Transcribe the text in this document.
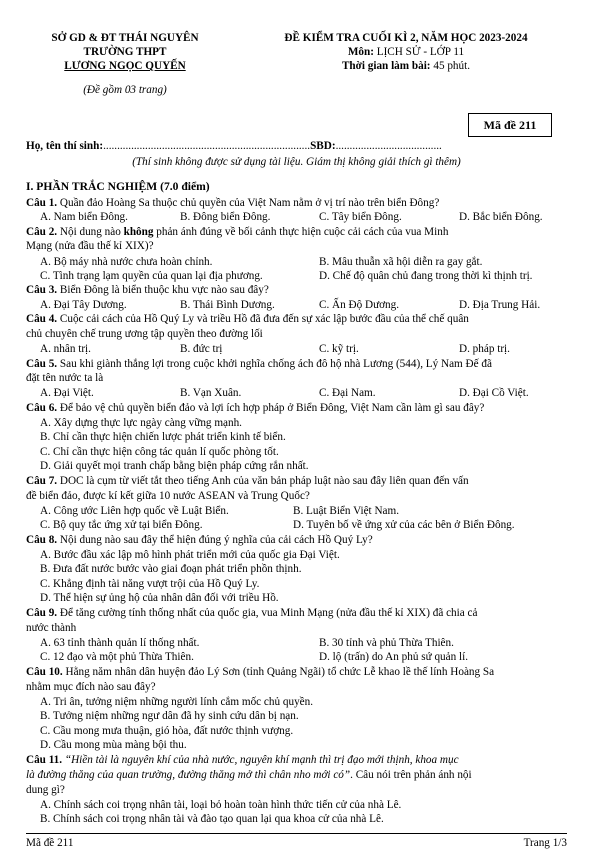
SỞ GD & ĐT THÁI NGUYÊN
TRƯỜNG THPT
LƯƠNG NGỌC QUYẾN
(Đề gồm 03 trang)
ĐỀ KIỂM TRA CUỐI KÌ 2, NĂM HỌC 2023-2024
Môn: LỊCH SỬ - LỚP 11
Thời gian làm bài: 45 phút.
Mã đề 211
Họ, tên thí sinh:..........................................................................SBD:......................................
(Thí sinh không được sử dụng tài liệu. Giám thị không giải thích gì thêm)
I. PHẦN TRẮC NGHIỆM (7.0 điểm)
Câu 1. Quần đảo Hoàng Sa thuộc chủ quyền của Việt Nam nằm ở vị trí nào trên biển Đông?
A. Nam biển Đông.	B. Đông biển Đông.	C. Tây biển Đông.	D. Bắc biển Đông.
Câu 2. Nội dung nào không phản ánh đúng về bối cảnh thực hiện cuộc cải cách của vua Minh
Mạng (nửa đầu thế kỉ XIX)?
A. Bộ máy nhà nước chưa hoàn chỉnh.	B. Mâu thuẫn xã hội diễn ra gay gắt.
C. Tình trạng lạm quyền của quan lại địa phương.	D. Chế độ quân chủ đang trong thời kì thịnh trị.
Câu 3. Biển Đông là biển thuộc khu vực nào sau đây?
A. Đại Tây Dương.	B. Thái Bình Dương.	C. Ấn Độ Dương.	D. Địa Trung Hải.
Câu 4. Cuộc cải cách của Hồ Quý Ly và triều Hồ đã đưa đến sự xác lập bước đầu của thể chế quân
chủ chuyên chế trung ương tập quyền theo đường lối
A. nhân trị.	B. đức trị	C. kỹ trị.	D. pháp trị.
Câu 5. Sau khi giành thắng lợi trong cuộc khởi nghĩa chống ách đô hộ nhà Lương (544), Lý Nam Đế đã
đặt tên nước ta là
A. Đại Việt.	B. Vạn Xuân.	C. Đại Nam.	D. Đại Cồ Việt.
Câu 6. Để bảo vệ chủ quyền biển đảo và lợi ích hợp pháp ở Biển Đông, Việt Nam cần làm gì sau đây?
A. Xây dựng thực lực ngày càng vững mạnh.
B. Chỉ cần thực hiện chiến lược phát triển kinh tế biển.
C. Chỉ cần thực hiện công tác quản lí quốc phòng tốt.
D. Giải quyết mọi tranh chấp bằng biện pháp cứng rắn nhất.
Câu 7. DOC là cụm từ viết tắt theo tiếng Anh của văn bản pháp luật nào sau đây liên quan đến vấn
đề biển đảo, được kí kết giữa 10 nước ASEAN và Trung Quốc?
A. Công ước Liên hợp quốc về Luật Biển.	B. Luật Biển Việt Nam.
C. Bộ quy tắc ứng xử tại biển Đông.	D. Tuyên bố về ứng xử của các bên ở Biển Đông.
Câu 8. Nội dung nào sau đây thể hiện đúng ý nghĩa của cải cách Hồ Quý Ly?
A. Bước đầu xác lập mô hình phát triển mới của quốc gia Đại Việt.
B. Đưa đất nước bước vào giai đoạn phát triển phồn thịnh.
C. Khẳng định tài năng vượt trội của Hồ Quý Ly.
D. Thể hiện sự ủng hộ của nhân dân đối với triều Hồ.
Câu 9. Để tăng cường tính thống nhất của quốc gia, vua Minh Mạng (nửa đầu thế kỉ XIX) đã chia cả
nước thành
A. 63 tỉnh thành quản lí thống nhất.	B. 30 tỉnh và phủ Thừa Thiên.
C. 12 đạo và một phủ Thừa Thiên.	D. lộ (trấn) do An phủ sứ quản lí.
Câu 10. Hằng năm nhân dân huyện đảo Lý Sơn (tỉnh Quảng Ngãi) tổ chức Lễ khao lề thế lính Hoàng Sa
nhằm mục đích nào sau đây?
A. Tri ân, tưởng niệm những người lính cắm mốc chủ quyền.
B. Tưởng niệm những ngư dân đã hy sinh cứu dân bị nạn.
C. Cầu mong mưa thuận, gió hòa, đất nước thịnh vượng.
D. Cầu mong mùa màng bội thu.
Câu 11. “Hiền tài là nguyên khí của nhà nước, nguyên khí mạnh thì trị đạo mới thịnh, khoa mục
là đường thăng của quan trường, đường thăng mở thì chân nho mới có”. Câu nói trên phản ánh nội
dung gì?
A. Chính sách coi trọng nhân tài, loại bỏ hoàn toàn hình thức tiến cử của nhà Lê.
B. Chính sách coi trọng nhân tài và đào tạo quan lại qua khoa cử của nhà Lê.
Mã đề 211	Trang 1/3
